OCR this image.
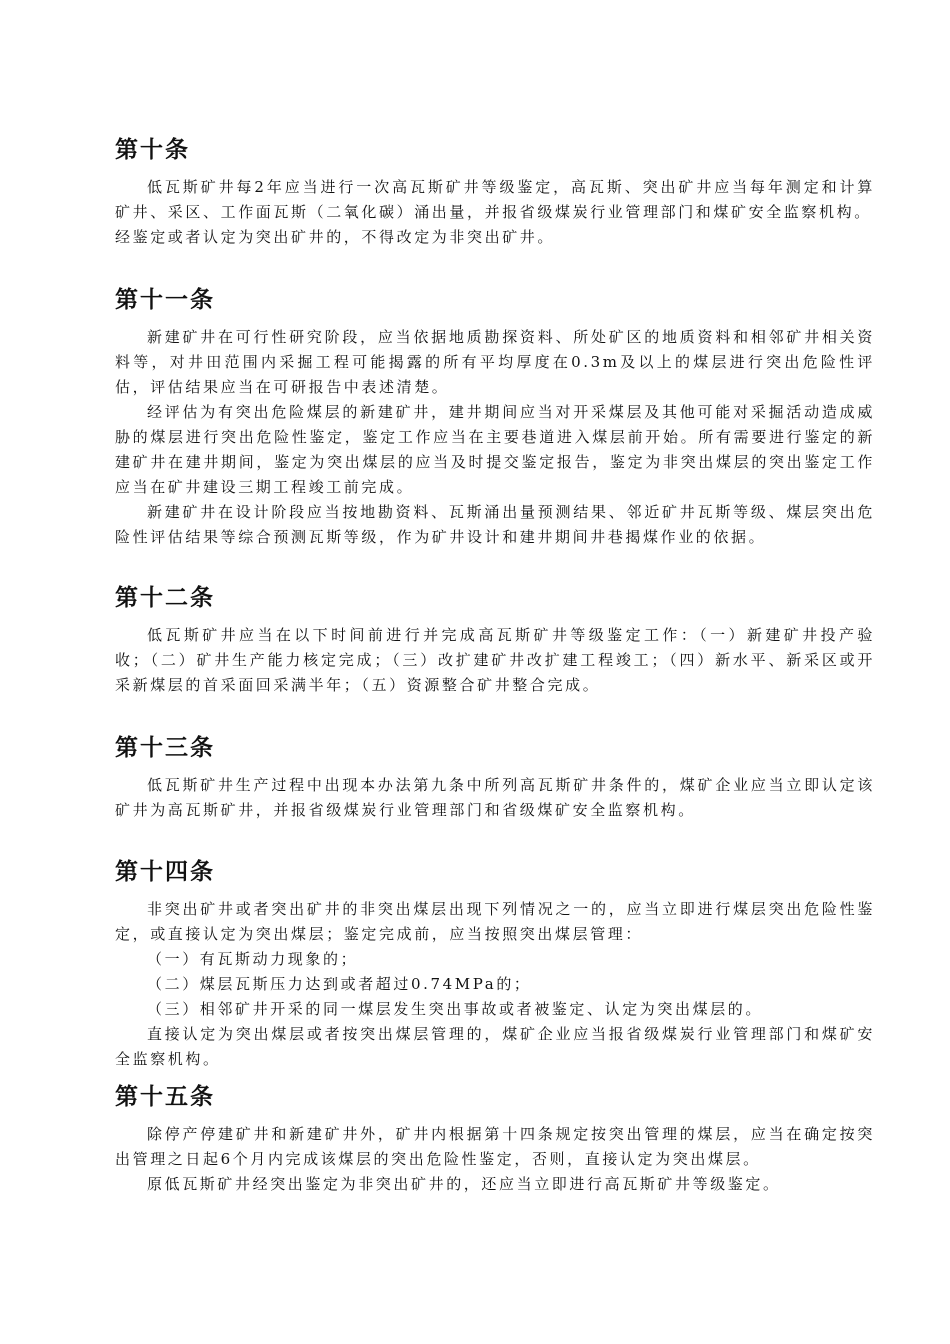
第十条

低瓦斯矿井每2年应当进行一次高瓦斯矿井等级鉴定，高瓦斯、突出矿井应当每年测定和计算矿井、采区、工作面瓦斯（二氧化碳）涌出量，并报省级煤炭行业管理部门和煤矿安全监察机构。

经鉴定或者认定为突出矿井的，不得改定为非突出矿井。

第十一条

新建矿井在可行性研究阶段，应当依据地质勘探资料、所处矿区的地质资料和相邻矿井相关资料等，对井田范围内采掘工程可能揭露的所有平均厚度在0.3m及以上的煤层进行突出危险性评估，评估结果应当在可研报告中表述清楚。

经评估为有突出危险煤层的新建矿井，建井期间应当对开采煤层及其他可能对采掘活动造成威胁的煤层进行突出危险性鉴定，鉴定工作应当在主要巷道进入煤层前开始。所有需要进行鉴定的新建矿井在建井期间，鉴定为突出煤层的应当及时提交鉴定报告，鉴定为非突出煤层的突出鉴定工作应当在矿井建设三期工程竣工前完成。

新建矿井在设计阶段应当按地勘资料、瓦斯涌出量预测结果、邻近矿井瓦斯等级、煤层突出危险性评估结果等综合预测瓦斯等级，作为矿井设计和建井期间井巷揭煤作业的依据。

第十二条

低瓦斯矿井应当在以下时间前进行并完成高瓦斯矿井等级鉴定工作：（一）新建矿井投产验收；（二）矿井生产能力核定完成；（三）改扩建矿井改扩建工程竣工；（四）新水平、新采区或开采新煤层的首采面回采满半年；（五）资源整合矿井整合完成。

第十三条

低瓦斯矿井生产过程中出现本办法第九条中所列高瓦斯矿井条件的，煤矿企业应当立即认定该矿井为高瓦斯矿井，并报省级煤炭行业管理部门和省级煤矿安全监察机构。

第十四条

非突出矿井或者突出矿井的非突出煤层出现下列情况之一的，应当立即进行煤层突出危险性鉴定，或直接认定为突出煤层；鉴定完成前，应当按照突出煤层管理：

（一）有瓦斯动力现象的；

（二）煤层瓦斯压力达到或者超过0.74MPa的；

（三）相邻矿井开采的同一煤层发生突出事故或者被鉴定、认定为突出煤层的。

直接认定为突出煤层或者按突出煤层管理的，煤矿企业应当报省级煤炭行业管理部门和煤矿安全监察机构。

第十五条

除停产停建矿井和新建矿井外，矿井内根据第十四条规定按突出管理的煤层，应当在确定按突出管理之日起6个月内完成该煤层的突出危险性鉴定，否则，直接认定为突出煤层。

原低瓦斯矿井经突出鉴定为非突出矿井的，还应当立即进行高瓦斯矿井等级鉴定。
